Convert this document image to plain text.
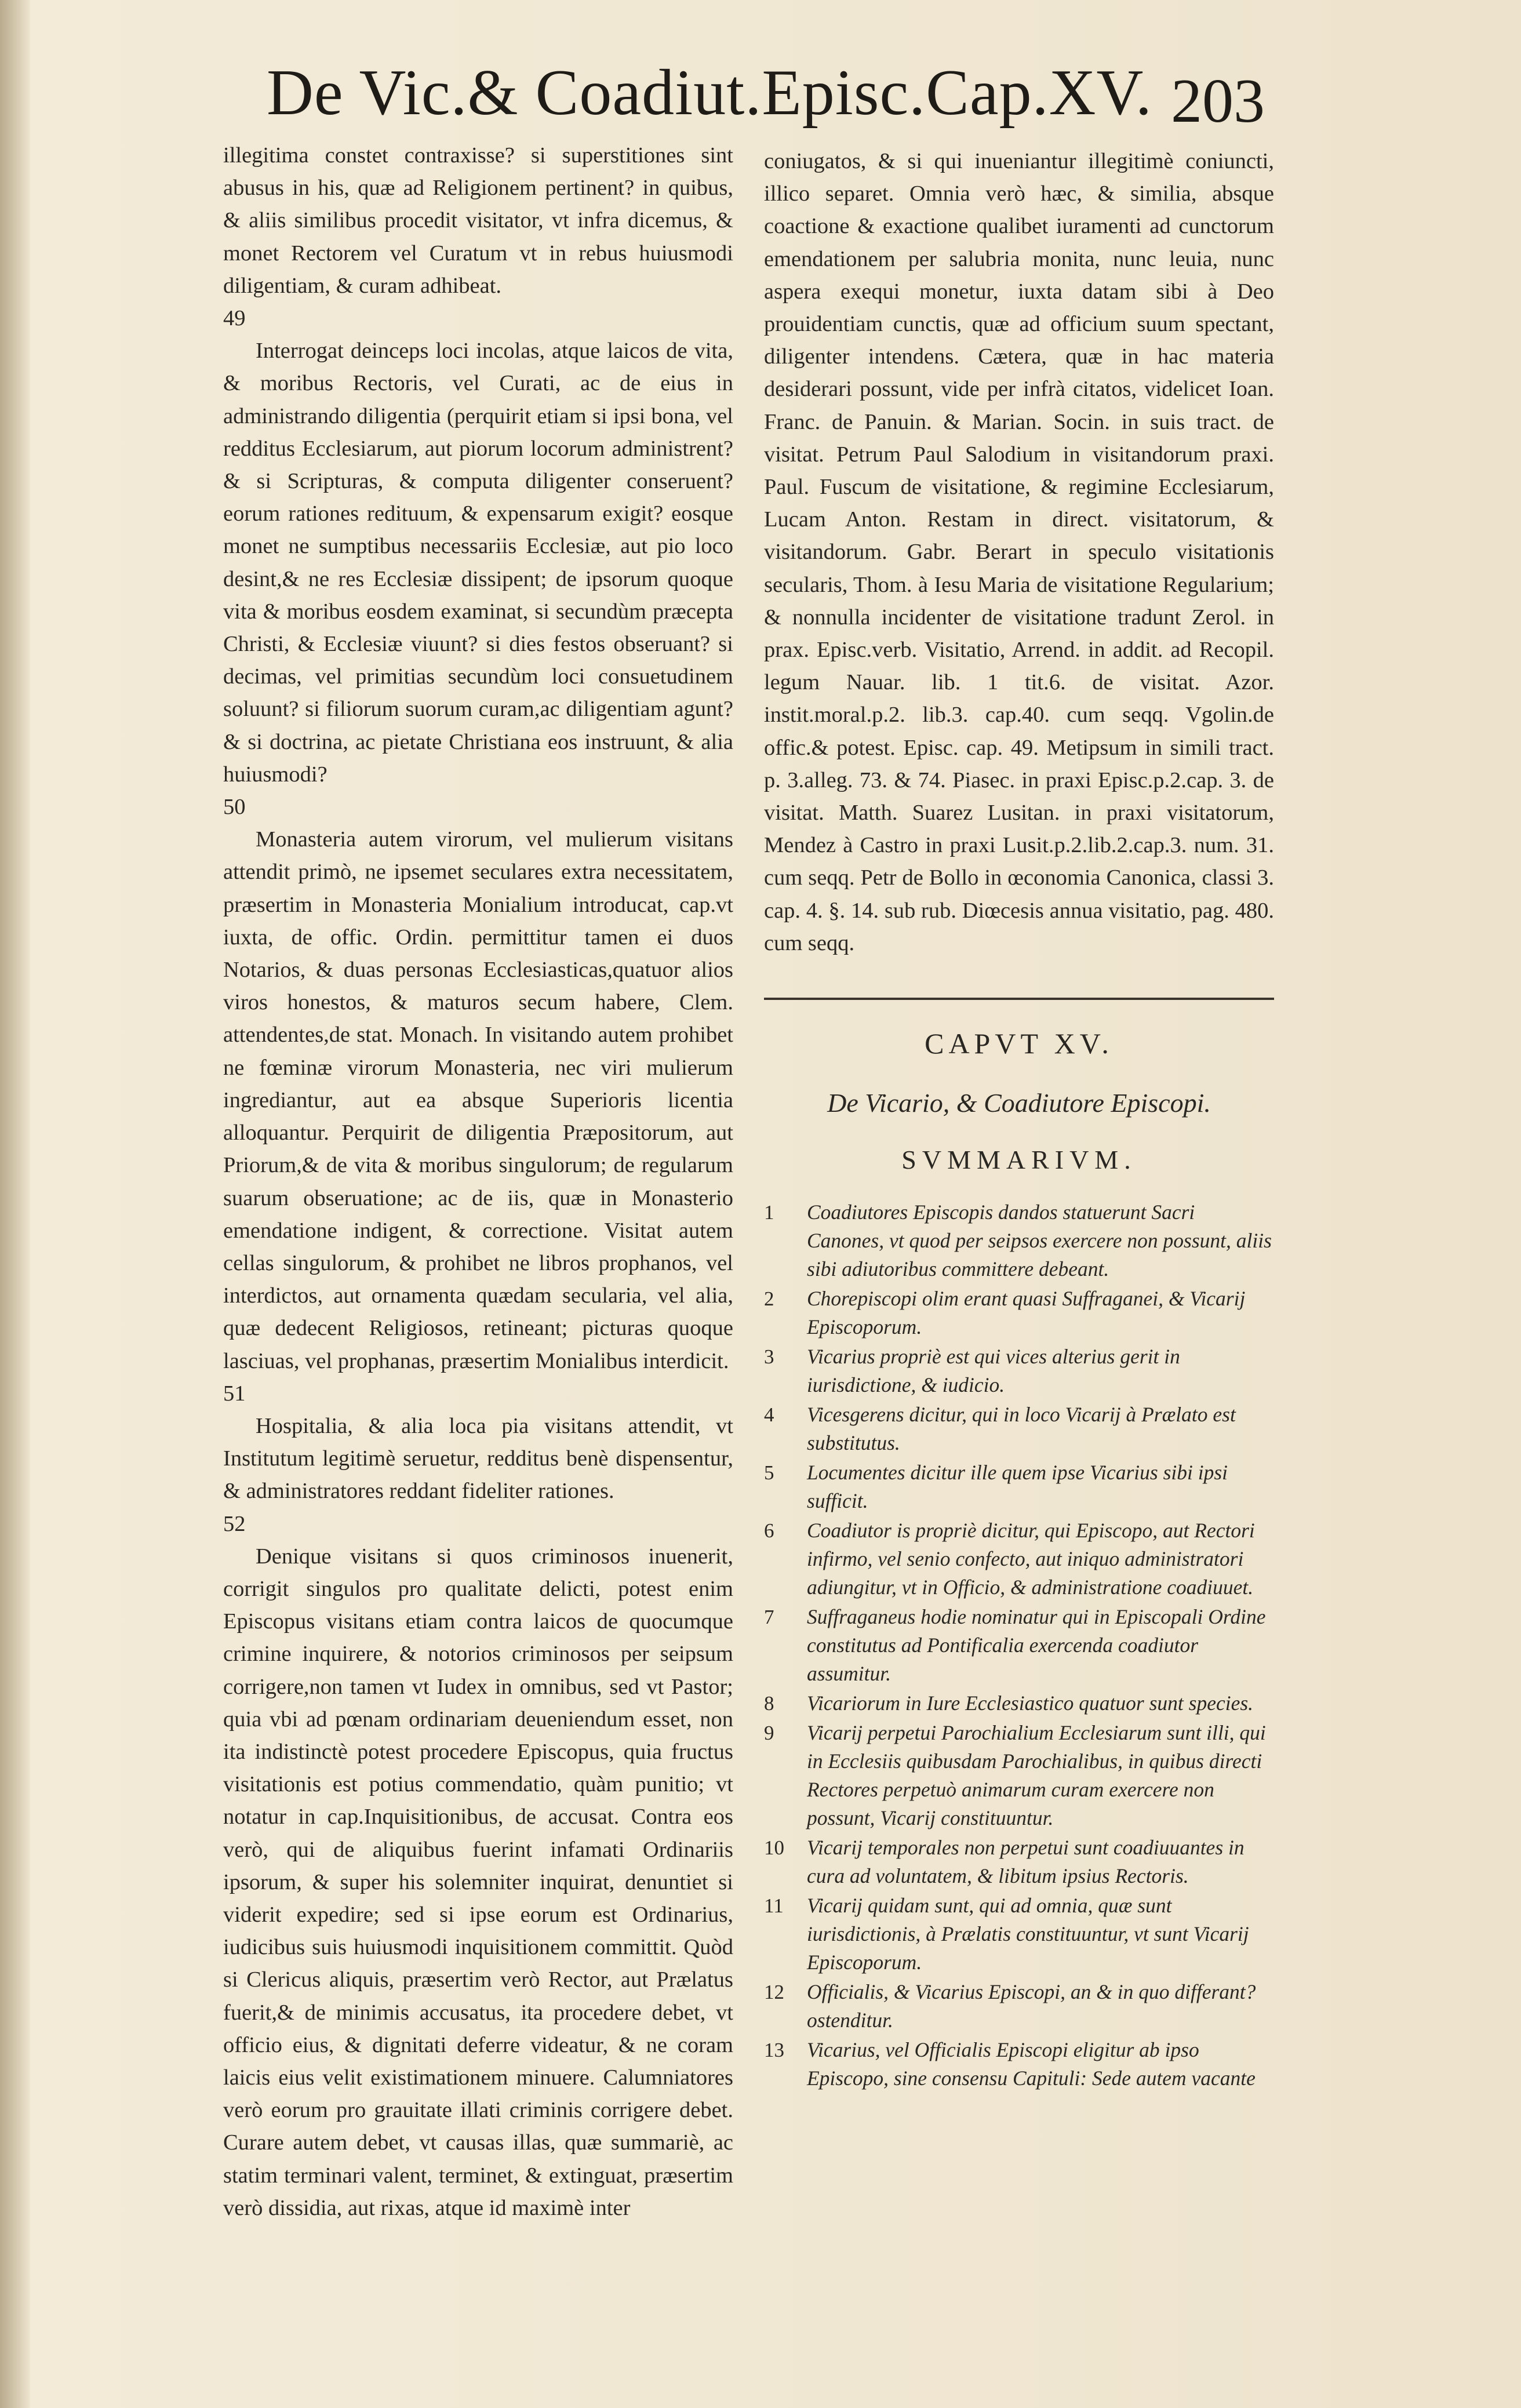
De Vic.& Coadiut.Episc.Cap.XV. 203

illegitima constet contraxisse? si superstitiones sint abusus in his, quæ ad Religionem pertinent? in quibus, & aliis similibus procedit visitator, vt infra dicemus, & monet Rectorem vel Curatum vt in rebus huiusmodi diligentiam, & curam adhibeat.

49

Interrogat deinceps loci incolas, atque laicos de vita, & moribus Rectoris, vel Curati, ac de eius in administrando diligentia (perquirit etiam si ipsi bona, vel redditus Ecclesiarum, aut piorum locorum administrent? & si Scripturas, & computa diligenter conseruent? eorum rationes redituum, & expensarum exigit? eosque monet ne sumptibus necessariis Ecclesiæ, aut pio loco desint,& ne res Ecclesiæ dissipent; de ipsorum quoque vita & moribus eosdem examinat, si secundùm præcepta Christi, & Ecclesiæ viuunt? si dies festos obseruant? si decimas, vel primitias secundùm loci consuetudinem soluunt? si filiorum suorum curam,ac diligentiam agunt? & si doctrina, ac pietate Christiana eos instruunt, & alia huiusmodi?

50

Monasteria autem virorum, vel mulierum visitans attendit primò, ne ipsemet seculares extra necessitatem, præsertim in Monasteria Monialium introducat, cap.vt iuxta, de offic. Ordin. permittitur tamen ei duos Notarios, & duas personas Ecclesiasticas,quatuor alios viros honestos, & maturos secum habere, Clem. attendentes,de stat. Monach. In visitando autem prohibet ne fœminæ virorum Monasteria, nec viri mulierum ingrediantur, aut ea absque Superioris licentia alloquantur. Perquirit de diligentia Præpositorum, aut Priorum,& de vita & moribus singulorum; de regularum suarum obseruatione; ac de iis, quæ in Monasterio emendatione indigent, & correctione. Visitat autem cellas singulorum, & prohibet ne libros prophanos, vel interdictos, aut ornamenta quædam secularia, vel alia, quæ dedecent Religiosos, retineant; picturas quoque lasciuas, vel prophanas, præsertim Monialibus interdicit.

51

Hospitalia, & alia loca pia visitans attendit, vt Institutum legitimè seruetur, redditus benè dispensentur, & administratores reddant fideliter rationes.

52

Denique visitans si quos criminosos inuenerit, corrigit singulos pro qualitate delicti, potest enim Episcopus visitans etiam contra laicos de quocumque crimine inquirere, & notorios criminosos per seipsum corrigere,non tamen vt Iudex in omnibus, sed vt Pastor; quia vbi ad pœnam ordinariam deueniendum esset, non ita indistinctè potest procedere Episcopus, quia fructus visitationis est potius commendatio, quàm punitio; vt notatur in cap.Inquisitionibus, de accusat. Contra eos verò, qui de aliquibus fuerint infamati Ordinariis ipsorum, & super his solemniter inquirat, denuntiet si viderit expedire; sed si ipse eorum est Ordinarius, iudicibus suis huiusmodi inquisitionem committit. Quòd si Clericus aliquis, præsertim verò Rector, aut Prælatus fuerit,& de minimis accusatus, ita procedere debet, vt officio eius, & dignitati deferre videatur, & ne coram laicis eius velit existimationem minuere. Calumniatores verò eorum pro grauitate illati criminis corrigere debet. Curare autem debet, vt causas illas, quæ summariè, ac statim terminari valent, terminet, & extinguat, præsertim verò dissidia, aut rixas, atque id maximè inter

coniugatos, & si qui inueniantur illegitimè coniuncti, illico separet. Omnia verò hæc, & similia, absque coactione & exactione qualibet iuramenti ad cunctorum emendationem per salubria monita, nunc leuia, nunc aspera exequi monetur, iuxta datam sibi à Deo prouidentiam cunctis, quæ ad officium suum spectant, diligenter intendens. Cætera, quæ in hac materia desiderari possunt, vide per infrà citatos, videlicet Ioan. Franc. de Panuin. & Marian. Socin. in suis tract. de visitat. Petrum Paul Salodium in visitandorum praxi. Paul. Fuscum de visitatione, & regimine Ecclesiarum, Lucam Anton. Restam in direct. visitatorum, & visitandorum. Gabr. Berart in speculo visitationis secularis, Thom. à Iesu Maria de visitatione Regularium; & nonnulla incidenter de visitatione tradunt Zerol. in prax. Episc.verb. Visitatio, Arrend. in addit. ad Recopil. legum Nauar. lib. 1 tit.6. de visitat. Azor. instit.moral.p.2. lib.3. cap.40. cum seqq. Vgolin.de offic.& potest. Episc. cap. 49. Metipsum in simili tract. p. 3.alleg. 73. & 74. Piasec. in praxi Episc.p.2.cap. 3. de visitat. Matth. Suarez Lusitan. in praxi visitatorum, Mendez à Castro in praxi Lusit.p.2.lib.2.cap.3. num. 31. cum seqq. Petr de Bollo in œconomia Canonica, classi 3. cap. 4. §. 14. sub rub. Diœcesis annua visitatio, pag. 480. cum seqq.

CAPVT XV.
De Vicario, & Coadiutore Episcopi.
SVMMARIVM.
1 Coadiutores Episcopis dandos statuerunt Sacri Canones, vt quod per seipsos exercere non possunt, aliis sibi adiutoribus committere debeant.
2 Chorepiscopi olim erant quasi Suffraganei, & Vicarij Episcoporum.
3 Vicarius propriè est qui vices alterius gerit in iurisdictione, & iudicio.
4 Vicesgerens dicitur, qui in loco Vicarij à Prælato est substitutus.
5 Locumentes dicitur ille quem ipse Vicarius sibi ipsi sufficit.
6 Coadiutor is propriè dicitur, qui Episcopo, aut Rectori infirmo, vel senio confecto, aut iniquo administratori adiungitur, vt in Officio, & administratione coadiuuet.
7 Suffraganeus hodie nominatur qui in Episcopali Ordine constitutus ad Pontificalia exercenda coadiutor assumitur.
8 Vicariorum in Iure Ecclesiastico quatuor sunt species.
9 Vicarij perpetui Parochialium Ecclesiarum sunt illi, qui in Ecclesiis quibusdam Parochialibus, in quibus directi Rectores perpetuò animarum curam exercere non possunt, Vicarij constituuntur.
10 Vicarij temporales non perpetui sunt coadiuuantes in cura ad voluntatem, & libitum ipsius Rectoris.
11 Vicarij quidam sunt, qui ad omnia, quæ sunt iurisdictionis, à Prælatis constituuntur, vt sunt Vicarij Episcoporum.
12 Officialis, & Vicarius Episcopi, an & in quo differant? ostenditur.
13 Vicarius, vel Officialis Episcopi eligitur ab ipso Episcopo, sine consensu Capituli: Sede autem vacante
